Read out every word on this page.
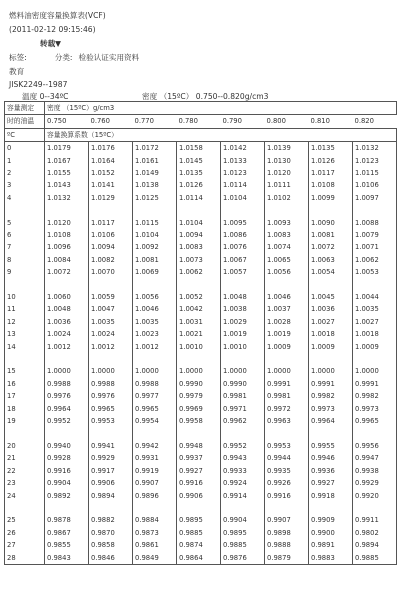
燃料油密度容量换算表(VCF)
(2011-02-12 09:15:46)
转载▼
标签:	分类: 检验认证实用资料
教育
JISK2249--1987
温度 0--34ºC	密度 （15ºC） 0.750--0.820g/cm3
容量测定	密度 （15ºC）g/cm3							
时的油温	0.750	0.760	0.770	0.780	0.790	0.800	0.810	0.820
ºC	容量换算系数（15ºC）							
0	1.0179	1.0176	1.0172	1.0158	1.0142	1.0139	1.0135	1.0132
1	1.0167	1.0164	1.0161	1.0145	1.0133	1.0130	1.0126	1.0123
2	1.0155	1.0152	1.0149	1.0135	1.0123	1.0120	1.0117	1.0115
3	1.0143	1.0141	1.0138	1.0126	1.0114	1.0111	1.0108	1.0106
4	1.0132	1.0129	1.0125	1.0114	1.0104	1.0102	1.0099	1.0097

5	1.0120	1.0117	1.0115	1.0104	1.0095	1.0093	1.0090	1.0088
6	1.0108	1.0106	1.0104	1.0094	1.0086	1.0083	1.0081	1.0079
7	1.0096	1.0094	1.0092	1.0083	1.0076	1.0074	1.0072	1.0071
8	1.0084	1.0082	1.0081	1.0073	1.0067	1.0065	1.0063	1.0062
9	1.0072	1.0070	1.0069	1.0062	1.0057	1.0056	1.0054	1.0053

10	1.0060	1.0059	1.0056	1.0052	1.0048	1.0046	1.0045	1.0044
11	1.0048	1.0047	1.0046	1.0042	1.0038	1.0037	1.0036	1.0035
12	1.0036	1.0035	1.0035	1.0031	1.0029	1.0028	1.0027	1.0027
13	1.0024	1.0024	1.0023	1.0021	1.0019	1.0019	1.0018	1.0018
14	1.0012	1.0012	1.0012	1.0010	1.0010	1.0009	1.0009	1.0009

15	1.0000	1.0000	1.0000	1.0000	1.0000	1.0000	1.0000	1.0000
16	0.9988	0.9988	0.9988	0.9990	0.9990	0.9991	0.9991	0.9991
17	0.9976	0.9976	0.9977	0.9979	0.9981	0.9981	0.9982	0.9982
18	0.9964	0.9965	0.9965	0.9969	0.9971	0.9972	0.9973	0.9973
19	0.9952	0.9953	0.9954	0.9958	0.9962	0.9963	0.9964	0.9965

20	0.9940	0.9941	0.9942	0.9948	0.9952	0.9953	0.9955	0.9956
21	0.9928	0.9929	0.9931	0.9937	0.9943	0.9944	0.9946	0.9947
22	0.9916	0.9917	0.9919	0.9927	0.9933	0.9935	0.9936	0.9938
23	0.9904	0.9906	0.9907	0.9916	0.9924	0.9926	0.9927	0.9929
24	0.9892	0.9894	0.9896	0.9906	0.9914	0.9916	0.9918	0.9920

25	0.9878	0.9882	0.9884	0.9895	0.9904	0.9907	0.9909	0.9911
26	0.9867	0.9870	0.9873	0.9885	0.9895	0.9898	0.9900	0.9802
27	0.9855	0.9858	0.9861	0.9874	0.9885	0.9888	0.9891	0.9894
28	0.9843	0.9846	0.9849	0.9864	0.9876	0.9879	0.9883	0.9885
